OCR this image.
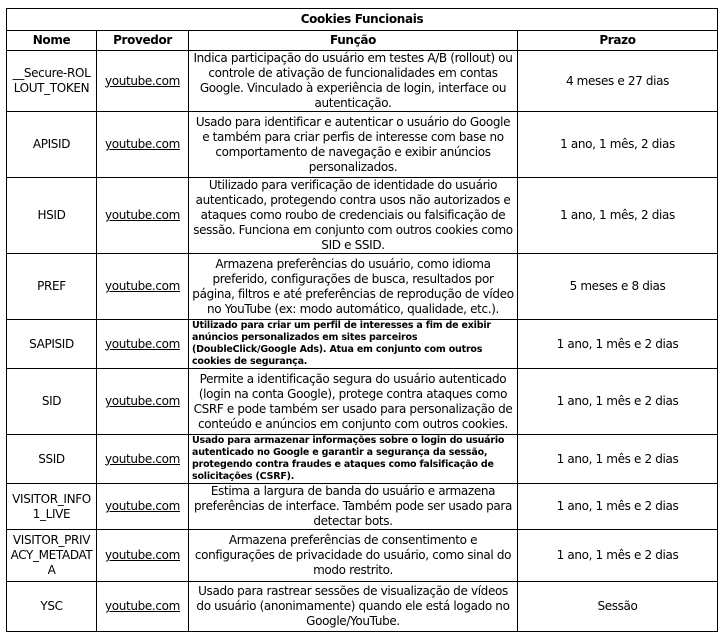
Cookies Funcionais
Nome	Provedor	Função	Prazo
__Secure-ROLLOUT_TOKEN	youtube.com	Indica participação do usuário em testes A/B (rollout) ou controle de ativação de funcionalidades em contas Google. Vinculado à experiência de login, interface ou autenticação.	4 meses e 27 dias
APISID	youtube.com	Usado para identificar e autenticar o usuário do Google e também para criar perfis de interesse com base no comportamento de navegação e exibir anúncios personalizados.	1 ano, 1 mês, 2 dias
HSID	youtube.com	Utilizado para verificação de identidade do usuário autenticado, protegendo contra usos não autorizados e ataques como roubo de credenciais ou falsificação de sessão. Funciona em conjunto com outros cookies como SID e SSID.	1 ano, 1 mês, 2 dias
PREF	youtube.com	Armazena preferências do usuário, como idioma preferido, configurações de busca, resultados por página, filtros e até preferências de reprodução de vídeo no YouTube (ex: modo automático, qualidade, etc.).	5 meses e 8 dias
SAPISID	youtube.com	Utilizado para criar um perfil de interesses a fim de exibir anúncios personalizados em sites parceiros (DoubleClick/Google Ads). Atua em conjunto com outros cookies de segurança.	1 ano, 1 mês e 2 dias
SID	youtube.com	Permite a identificação segura do usuário autenticado (login na conta Google), protege contra ataques como CSRF e pode também ser usado para personalização de conteúdo e anúncios em conjunto com outros cookies.	1 ano, 1 mês e 2 dias
SSID	youtube.com	Usado para armazenar informações sobre o login do usuário autenticado no Google e garantir a segurança da sessão, protegendo contra fraudes e ataques como falsificação de solicitações (CSRF).	1 ano, 1 mês e 2 dias
VISITOR_INFO1_LIVE	youtube.com	Estima a largura de banda do usuário e armazena preferências de interface. Também pode ser usado para detectar bots.	1 ano, 1 mês e 2 dias
VISITOR_PRIVACY_METADATA	youtube.com	Armazena preferências de consentimento e configurações de privacidade do usuário, como sinal do modo restrito.	1 ano, 1 mês e 2 dias
YSC	youtube.com	Usado para rastrear sessões de visualização de vídeos do usuário (anonimamente) quando ele está logado no Google/YouTube.	Sessão
